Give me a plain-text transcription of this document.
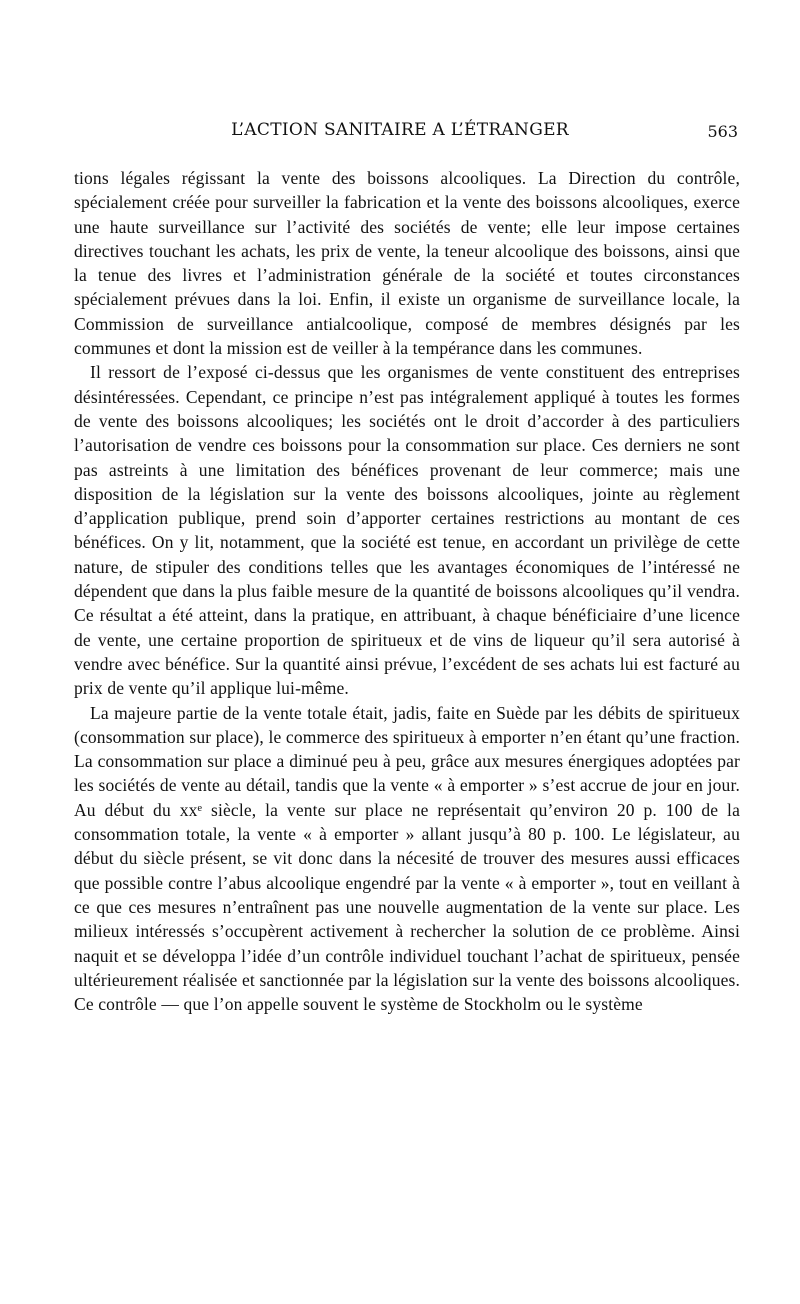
L’ACTION SANITAIRE A L’ÉTRANGER	563

tions légales régissant la vente des boissons alcooliques. La Direction du contrôle, spécialement créée pour surveiller la fabrication et la vente des boissons alcooliques, exerce une haute surveillance sur l’activité des sociétés de vente; elle leur impose certaines directives touchant les achats, les prix de vente, la teneur alcoolique des boissons, ainsi que la tenue des livres et l’administration générale de la société et toutes circonstances spécialement prévues dans la loi. Enfin, il existe un organisme de surveillance locale, la Commission de surveillance antialcoolique, composé de membres désignés par les communes et dont la mission est de veiller à la tempérance dans les communes.

Il ressort de l’exposé ci-dessus que les organismes de vente constituent des entreprises désintéressées. Cependant, ce principe n’est pas intégralement appliqué à toutes les formes de vente des boissons alcooliques; les sociétés ont le droit d’accorder à des particuliers l’autorisation de vendre ces boissons pour la consommation sur place. Ces derniers ne sont pas astreints à une limitation des bénéfices provenant de leur commerce; mais une disposition de la législation sur la vente des boissons alcooliques, jointe au règlement d’application publique, prend soin d’apporter certaines restrictions au montant de ces bénéfices. On y lit, notamment, que la société est tenue, en accordant un privilège de cette nature, de stipuler des conditions telles que les avantages économiques de l’intéressé ne dépendent que dans la plus faible mesure de la quantité de boissons alcooliques qu’il vendra. Ce résultat a été atteint, dans la pratique, en attribuant, à chaque bénéficiaire d’une licence de vente, une certaine proportion de spiritueux et de vins de liqueur qu’il sera autorisé à vendre avec bénéfice. Sur la quantité ainsi prévue, l’excédent de ses achats lui est facturé au prix de vente qu’il applique lui-même.

La majeure partie de la vente totale était, jadis, faite en Suède par les débits de spiritueux (consommation sur place), le commerce des spiritueux à emporter n’en étant qu’une fraction. La consommation sur place a diminué peu à peu, grâce aux mesures énergiques adoptées par les sociétés de vente au détail, tandis que la vente « à emporter » s’est accrue de jour en jour. Au début du xxᵉ siècle, la vente sur place ne représentait qu’environ 20 p. 100 de la consommation totale, la vente « à emporter » allant jusqu’à 80 p. 100. Le législateur, au début du siècle présent, se vit donc dans la nécesité de trouver des mesures aussi efficaces que possible contre l’abus alcoolique engendré par la vente « à emporter », tout en veillant à ce que ces mesures n’entraînent pas une nouvelle augmentation de la vente sur place. Les milieux intéressés s’occupèrent activement à rechercher la solution de ce problème. Ainsi naquit et se développa l’idée d’un contrôle individuel touchant l’achat de spiritueux, pensée ultérieurement réalisée et sanctionnée par la législation sur la vente des boissons alcooliques. Ce contrôle — que l’on appelle souvent le système de Stockholm ou le système
